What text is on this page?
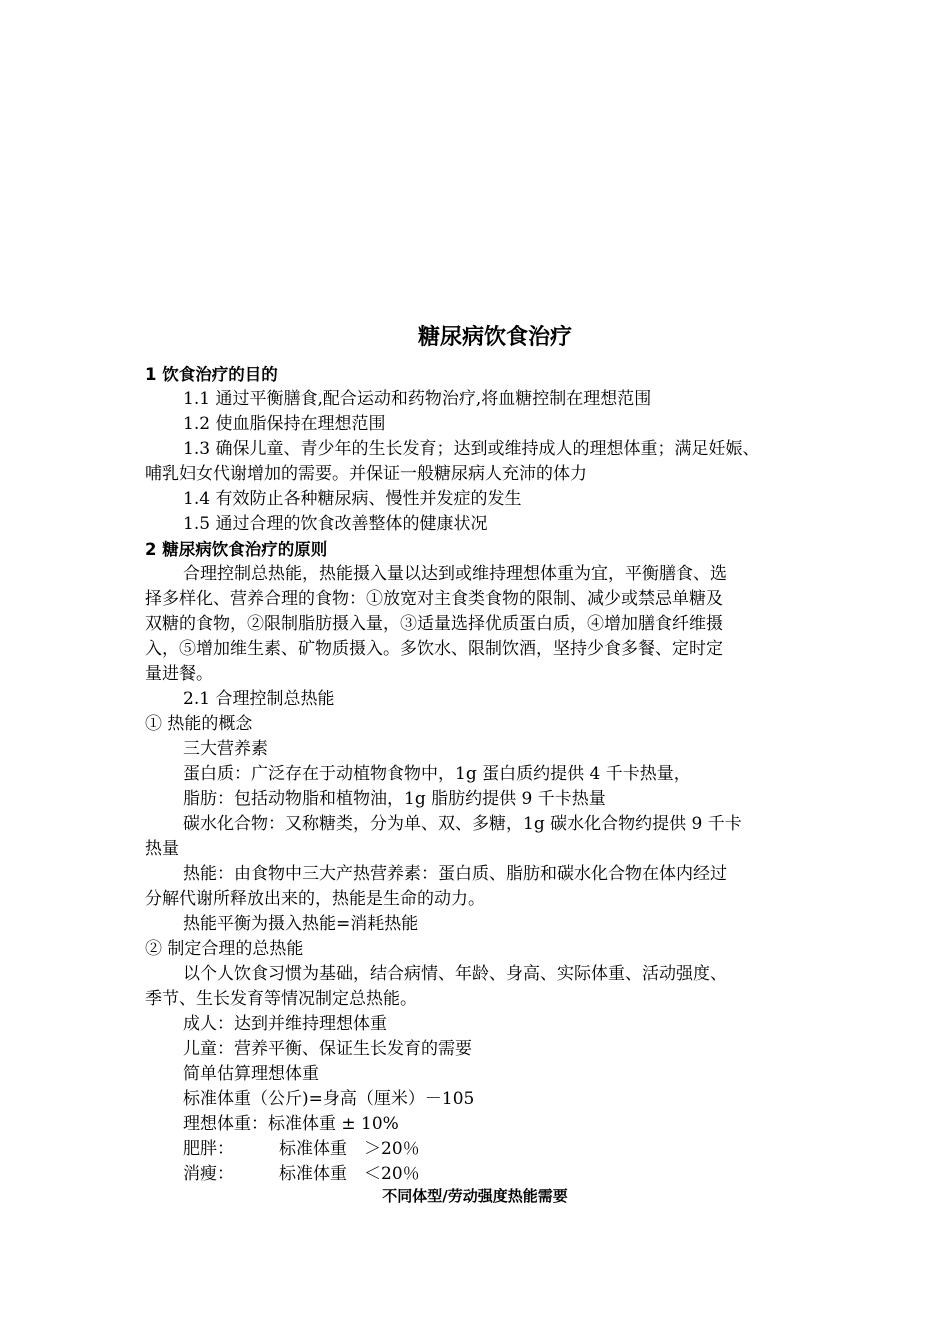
糖尿病饮食治疗
1 饮食治疗的目的
1.1 通过平衡膳食,配合运动和药物治疗,将血糖控制在理想范围
1.2 使血脂保持在理想范围
1.3 确保儿童、青少年的生长发育；达到或维持成人的理想体重；满足妊娠、
哺乳妇女代谢增加的需要。并保证一般糖尿病人充沛的体力
1.4 有效防止各种糖尿病、慢性并发症的发生
1.5 通过合理的饮食改善整体的健康状况
2 糖尿病饮食治疗的原则
合理控制总热能，热能摄入量以达到或维持理想体重为宜，平衡膳食、选
择多样化、营养合理的食物：①放宽对主食类食物的限制、减少或禁忌单糖及
双糖的食物，②限制脂肪摄入量，③适量选择优质蛋白质，④增加膳食纤维摄
入，⑤增加维生素、矿物质摄入。多饮水、限制饮酒，坚持少食多餐、定时定
量进餐。
2.1 合理控制总热能
① 热能的概念
三大营养素
蛋白质：广泛存在于动植物食物中，1g 蛋白质约提供 4 千卡热量，
脂肪：包括动物脂和植物油，1g 脂肪约提供 9 千卡热量
碳水化合物：又称糖类，分为单、双、多糖，1g 碳水化合物约提供 9 千卡
热量
热能：由食物中三大产热营养素：蛋白质、脂肪和碳水化合物在体内经过
分解代谢所释放出来的，热能是生命的动力。
热能平衡为摄入热能=消耗热能
② 制定合理的总热能
以个人饮食习惯为基础，结合病情、年龄、身高、实际体重、活动强度、
季节、生长发育等情况制定总热能。
成人：达到并维持理想体重
儿童：营养平衡、保证生长发育的需要
简单估算理想体重
标准体重（公斤)=身高（厘米）－105
理想体重：标准体重 ± 10%
肥胖：	标准体重　＞20％
消瘦：	标准体重　＜20％
不同体型/劳动强度热能需要
